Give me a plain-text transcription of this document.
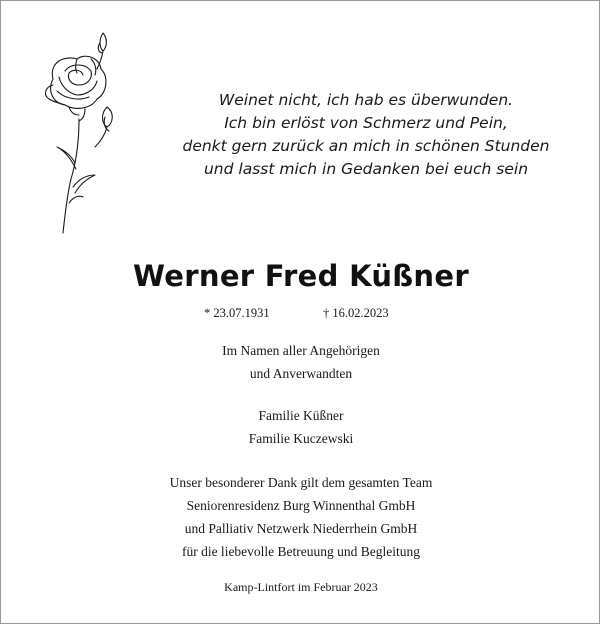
Weinet nicht, ich hab es überwunden.
Ich bin erlöst von Schmerz und Pein,
denkt gern zurück an mich in schönen Stunden
und lasst mich in Gedanken bei euch sein
Werner Fred Küßner
* 23.07.1931	† 16.02.2023
Im Namen aller Angehörigen
und Anverwandten
Familie Küßner
Familie Kuczewski
Unser besonderer Dank gilt dem gesamten Team
Seniorenresidenz Burg Winnenthal GmbH
und Palliativ Netzwerk Niederrhein GmbH
für die liebevolle Betreuung und Begleitung
Kamp-Lintfort im Februar 2023
